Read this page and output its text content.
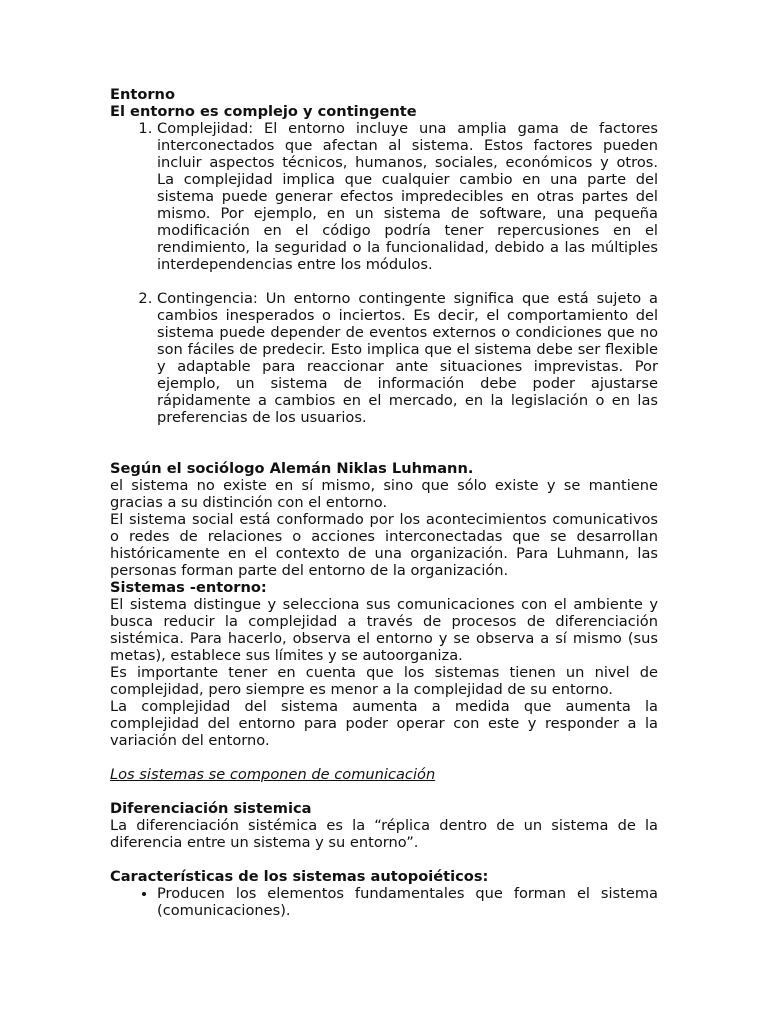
Entorno
El entorno es complejo y contingente
1. Complejidad: El entorno incluye una amplia gama de factores interconectados que afectan al sistema. Estos factores pueden incluir aspectos técnicos, humanos, sociales, económicos y otros. La complejidad implica que cualquier cambio en una parte del sistema puede generar efectos impredecibles en otras partes del mismo. Por ejemplo, en un sistema de software, una pequeña modificación en el código podría tener repercusiones en el rendimiento, la seguridad o la funcionalidad, debido a las múltiples interdependencias entre los módulos.
2. Contingencia: Un entorno contingente significa que está sujeto a cambios inesperados o inciertos. Es decir, el comportamiento del sistema puede depender de eventos externos o condiciones que no son fáciles de predecir. Esto implica que el sistema debe ser flexible y adaptable para reaccionar ante situaciones imprevistas. Por ejemplo, un sistema de información debe poder ajustarse rápidamente a cambios en el mercado, en la legislación o en las preferencias de los usuarios.
Según el sociólogo Alemán Niklas Luhmann.

el sistema no existe en sí mismo, sino que sólo existe y se mantiene gracias a su distinción con el entorno.

El sistema social está conformado por los acontecimientos comunicativos o redes de relaciones o acciones interconectadas que se desarrollan históricamente en el contexto de una organización. Para Luhmann, las personas forman parte del entorno de la organización.

Sistemas -entorno:

El sistema distingue y selecciona sus comunicaciones con el ambiente y busca reducir la complejidad a través de procesos de diferenciación sistémica. Para hacerlo, observa el entorno y se observa a sí mismo (sus metas), establece sus límites y se autoorganiza.

Es importante tener en cuenta que los sistemas tienen un nivel de complejidad, pero siempre es menor a la complejidad de su entorno.

La complejidad del sistema aumenta a medida que aumenta la complejidad del entorno para poder operar con este y responder a la variación del entorno.

Los sistemas se componen de comunicación

Diferenciación sistemica

La diferenciación sistémica es la “réplica dentro de un sistema de la diferencia entre un sistema y su entorno”.

Características de los sistemas autopoiéticos:
• Producen los elementos fundamentales que forman el sistema (comunicaciones).
